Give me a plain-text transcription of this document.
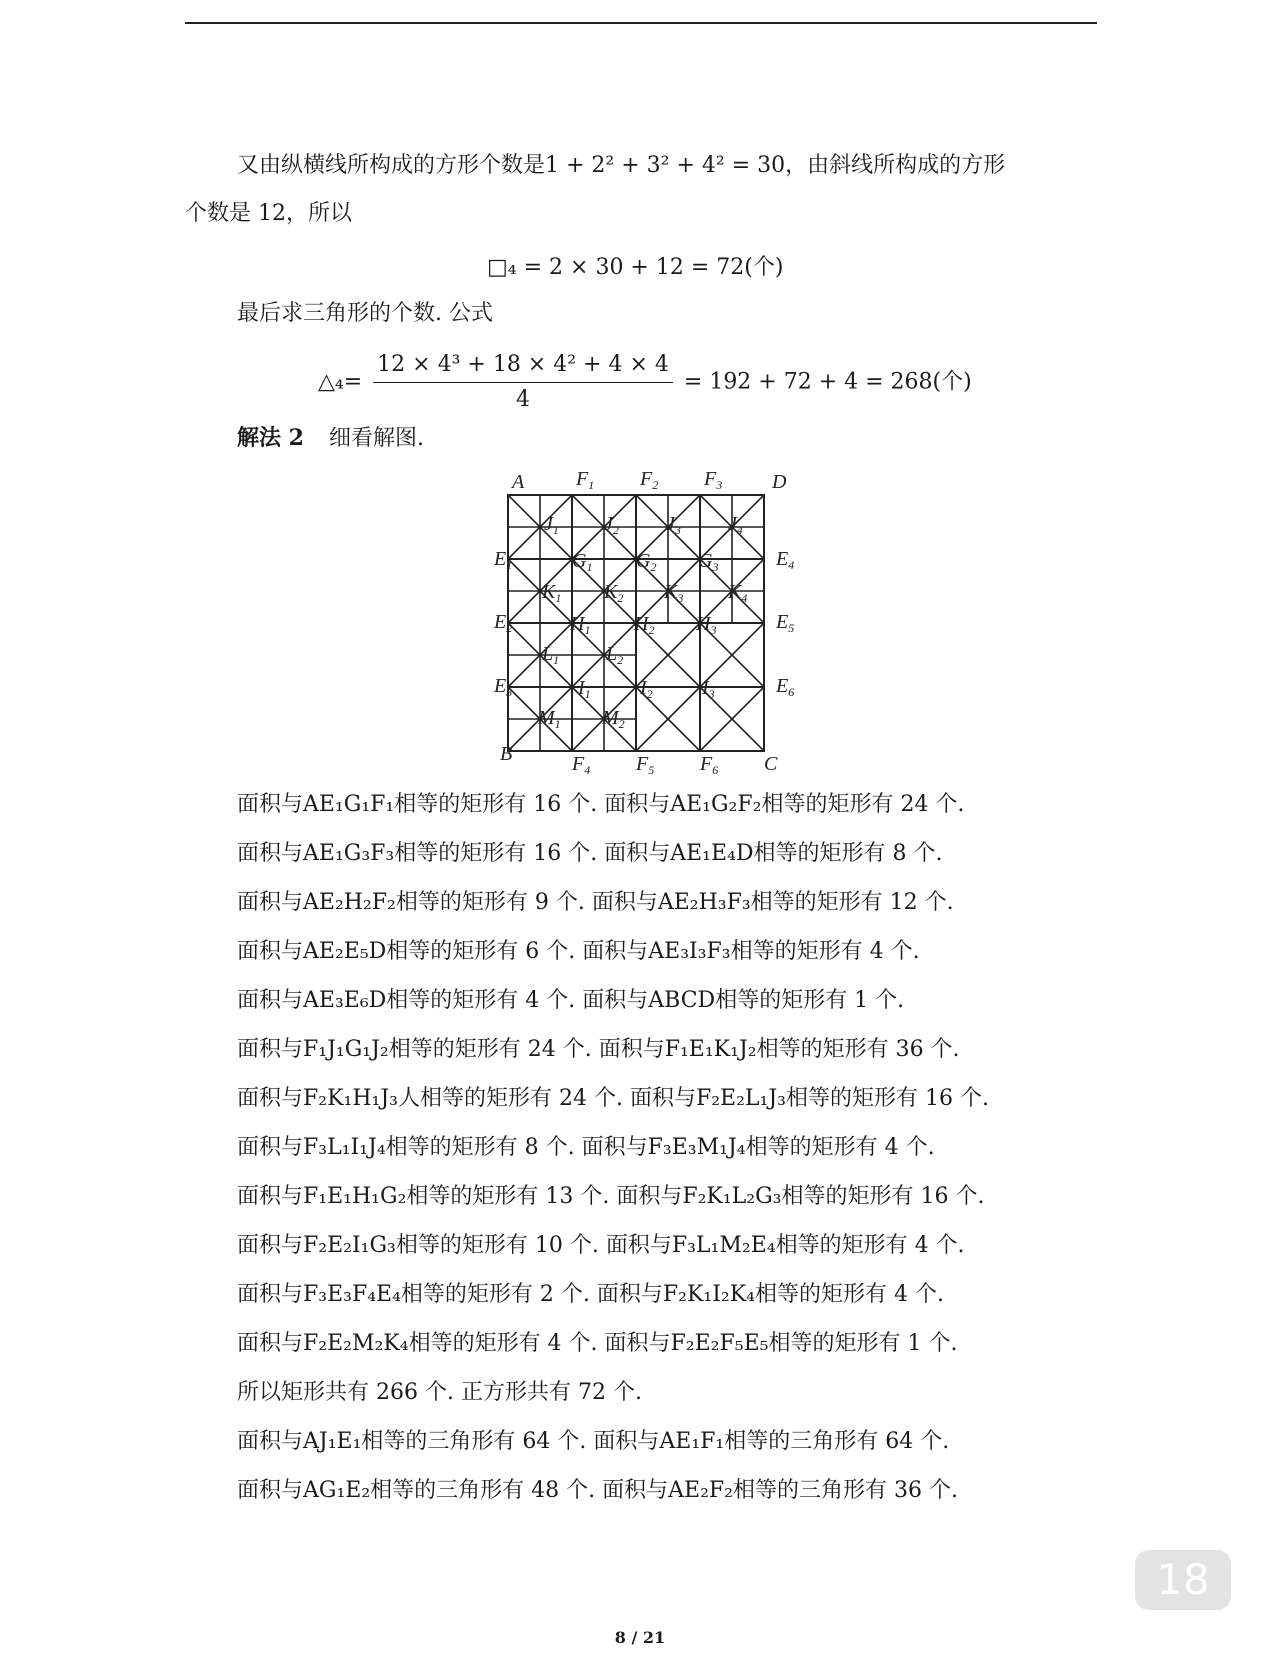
又由纵横线所构成的方形个数是1 + 2² + 3² + 4² = 30，由斜线所构成的方形
个数是 12，所以
□₄ = 2 × 30 + 12 = 72(个)
最后求三角形的个数. 公式
△₄= $\frac{\text{12 × 4³ + 18 × 4² + 4 × 4}}{4} = 192 + 72 + 4 = 268$(个)
解法 2 细看解图.
A	$F_1$ $F_2$ $F_3$ D
$J_1$ $J_2$ $J_3$ $J_4$
$E_1$	$G_1$ $G_2$ $G_3$	$E_4$
$K_1$ $K_2$ $K_3$ $K_4$
$E_2$	$H_1$ $H_2$ $H_3$	$E_5$
$L_1$ $L_2$
$E_3$	$I_1$ $I_2$ $I_3$	$E_6$
$M_1$ $M_2$
B	$F_4$ $F_5$ $F_6$ C
面积与AE₁G₁F₁相等的矩形有 16 个. 面积与AE₁G₂F₂相等的矩形有 24 个.
面积与AE₁G₃F₃相等的矩形有 16 个. 面积与AE₁E₄D相等的矩形有 8 个.
面积与AE₂H₂F₂相等的矩形有 9 个. 面积与AE₂H₃F₃相等的矩形有 12 个.
面积与AE₂E₅D相等的矩形有 6 个. 面积与AE₃I₃F₃相等的矩形有 4 个.
面积与AE₃E₆D相等的矩形有 4 个. 面积与ABCD相等的矩形有 1 个.
面积与F₁J₁G₁J₂相等的矩形有 24 个. 面积与F₁E₁K₁J₂相等的矩形有 36 个.
面积与F₂K₁H₁J₃人相等的矩形有 24 个. 面积与F₂E₂L₁J₃相等的矩形有 16 个.
面积与F₃L₁I₁J₄相等的矩形有 8 个. 面积与F₃E₃M₁J₄相等的矩形有 4 个.
面积与F₁E₁H₁G₂相等的矩形有 13 个. 面积与F₂K₁L₂G₃相等的矩形有 16 个.
面积与F₂E₂I₁G₃相等的矩形有 10 个. 面积与F₃L₁M₂E₄相等的矩形有 4 个.
面积与F₃E₃F₄E₄相等的矩形有 2 个. 面积与F₂K₁I₂K₄相等的矩形有 4 个.
面积与F₂E₂M₂K₄相等的矩形有 4 个. 面积与F₂E₂F₅E₅相等的矩形有 1 个.
所以矩形共有 266 个. 正方形共有 72 个.
面积与AJ₁E₁相等的三角形有 64 个. 面积与AE₁F₁相等的三角形有 64 个.
面积与AG₁E₂相等的三角形有 48 个. 面积与AE₂F₂相等的三角形有 36 个.
18
8 / 21
